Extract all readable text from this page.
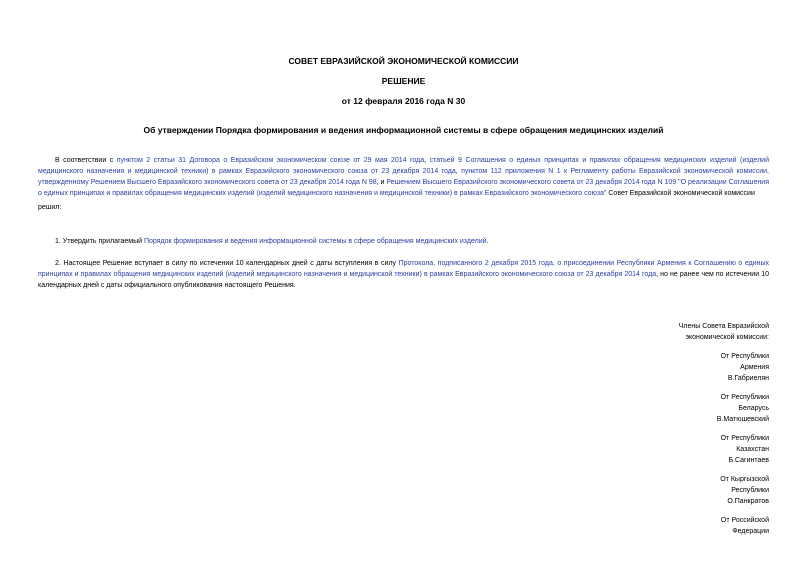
СОВЕТ ЕВРАЗИЙСКОЙ ЭКОНОМИЧЕСКОЙ КОМИССИИ
РЕШЕНИЕ
от 12 февраля 2016 года N 30
Об утверждении Порядка формирования и ведения информационной системы в сфере обращения медицинских изделий
В соответствии с пунктом 2 статьи 31 Договора о Евразийском экономическом союзе от 29 мая 2014 года, статьей 9 Соглашения о единых принципах и правилах обращения медицинских изделий (изделий медицинского назначения и медицинской техники) в рамках Евразийского экономического союза от 23 декабря 2014 года, пунктом 112 приложения N 1 к Регламенту работы Евразийской экономической комиссии, утвержденному Решением Высшего Евразийского экономического совета от 23 декабря 2014 года N 98, и Решением Высшего Евразийского экономического совета от 23 декабря 2014 года N 109 "О реализации Соглашения о единых принципах и правилах обращения медицинских изделий (изделий медицинского назначения и медицинской техники) в рамках Евразийского экономического союза" Совет Евразийской экономической комиссии
решил:
1. Утвердить прилагаемый Порядок формирования и ведения информационной системы в сфере обращения медицинских изделий.
2. Настоящее Решение вступает в силу по истечении 10 календарных дней с даты вступления в силу Протокола, подписанного 2 декабря 2015 года, о присоединении Республики Армения к Соглашению о единых принципах и правилах обращения медицинских изделий (изделий медицинского назначения и медицинской техники) в рамках Евразийского экономического союза от 23 декабря 2014 года, но не ранее чем по истечении 10 календарных дней с даты официального опубликования настоящего Решения.
Члены Совета Евразийской
экономической комиссии:
От Республики
Армения
В.Габриелян
От Республики
Беларусь
В.Матюшевский
От Республики
Казахстан
Б.Сагинтаев
От Кыргызской
Республики
О.Панкратов
От Российской
Федерации
